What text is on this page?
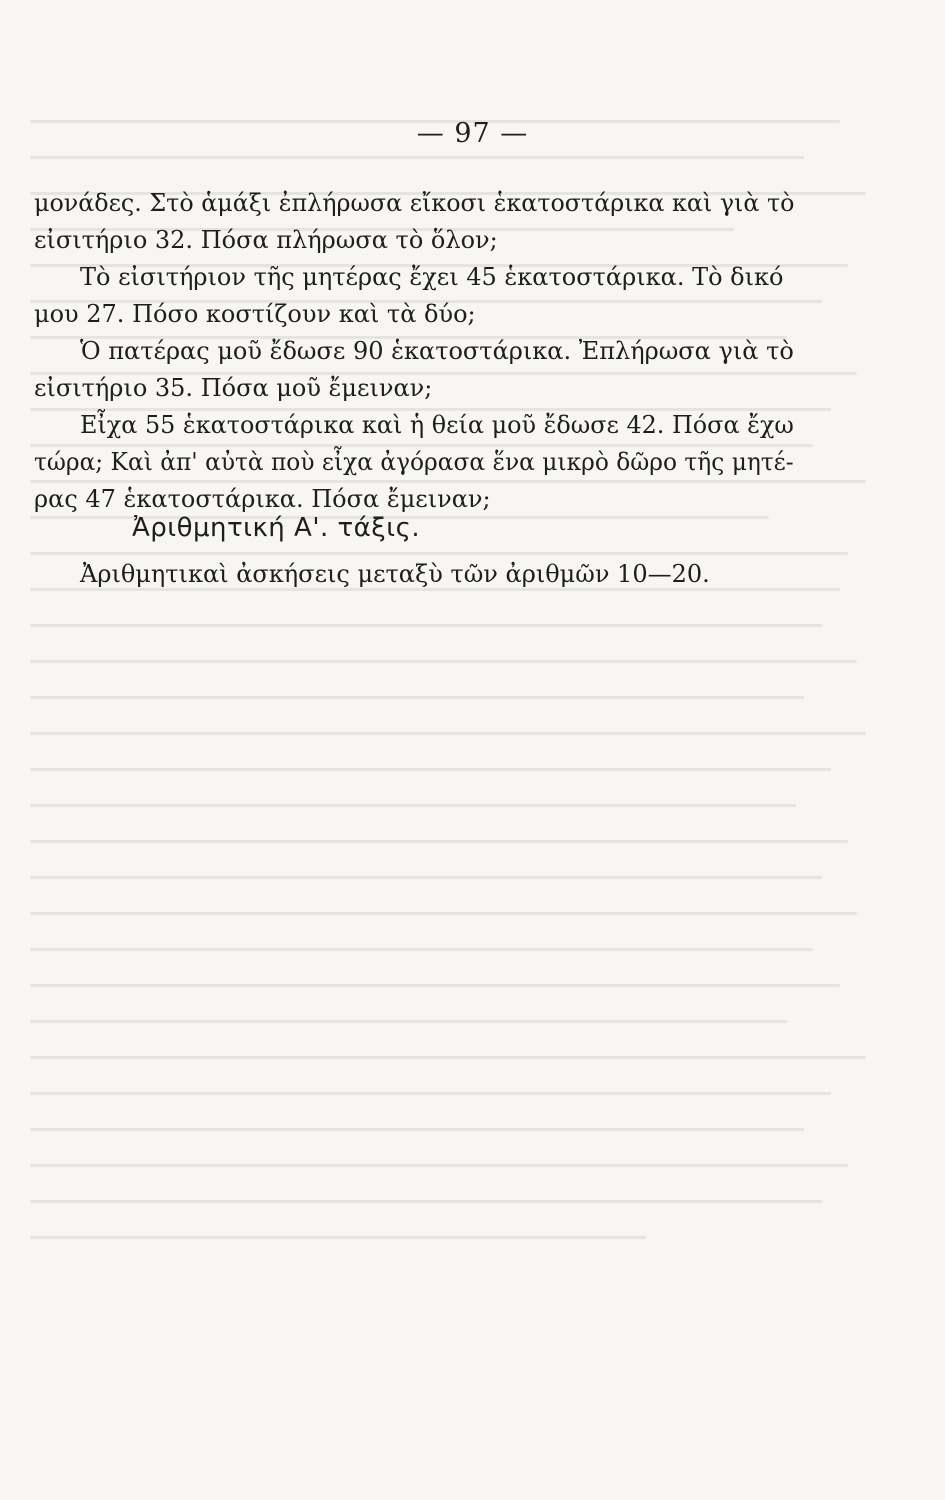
— 97 —
μονάδες. Στὸ ἁμάξι ἐπλήρωσα εἴκοσι ἑκατοστάρικα καὶ γιὰ τὸ
εἰσιτήριο 32. Πόσα πλήρωσα τὸ ὅλον;
Τὸ εἰσιτήριον τῆς μητέρας ἔχει 45 ἑκατοστάρικα. Τὸ δικό
μου 27. Πόσο κοστίζουν καὶ τὰ δύο;
Ὁ πατέρας μοῦ ἔδωσε 90 ἑκατοστάρικα. Ἐπλήρωσα γιὰ τὸ
εἰσιτήριο 35. Πόσα μοῦ ἔμειναν;
Εἶχα 55 ἑκατοστάρικα καὶ ἡ θεία μοῦ ἔδωσε 42. Πόσα ἔχω
τώρα; Καὶ ἀπ' αὐτὰ ποὺ εἶχα ἀγόρασα ἕνα μικρὸ δῶρο τῆς μητέ-
ρας 47 ἑκατοστάρικα. Πόσα ἔμειναν;
Ἀριθμητική Α'. τάξις.
Ἀριθμητικαὶ ἀσκήσεις μεταξὺ τῶν ἀριθμῶν 10—20.
